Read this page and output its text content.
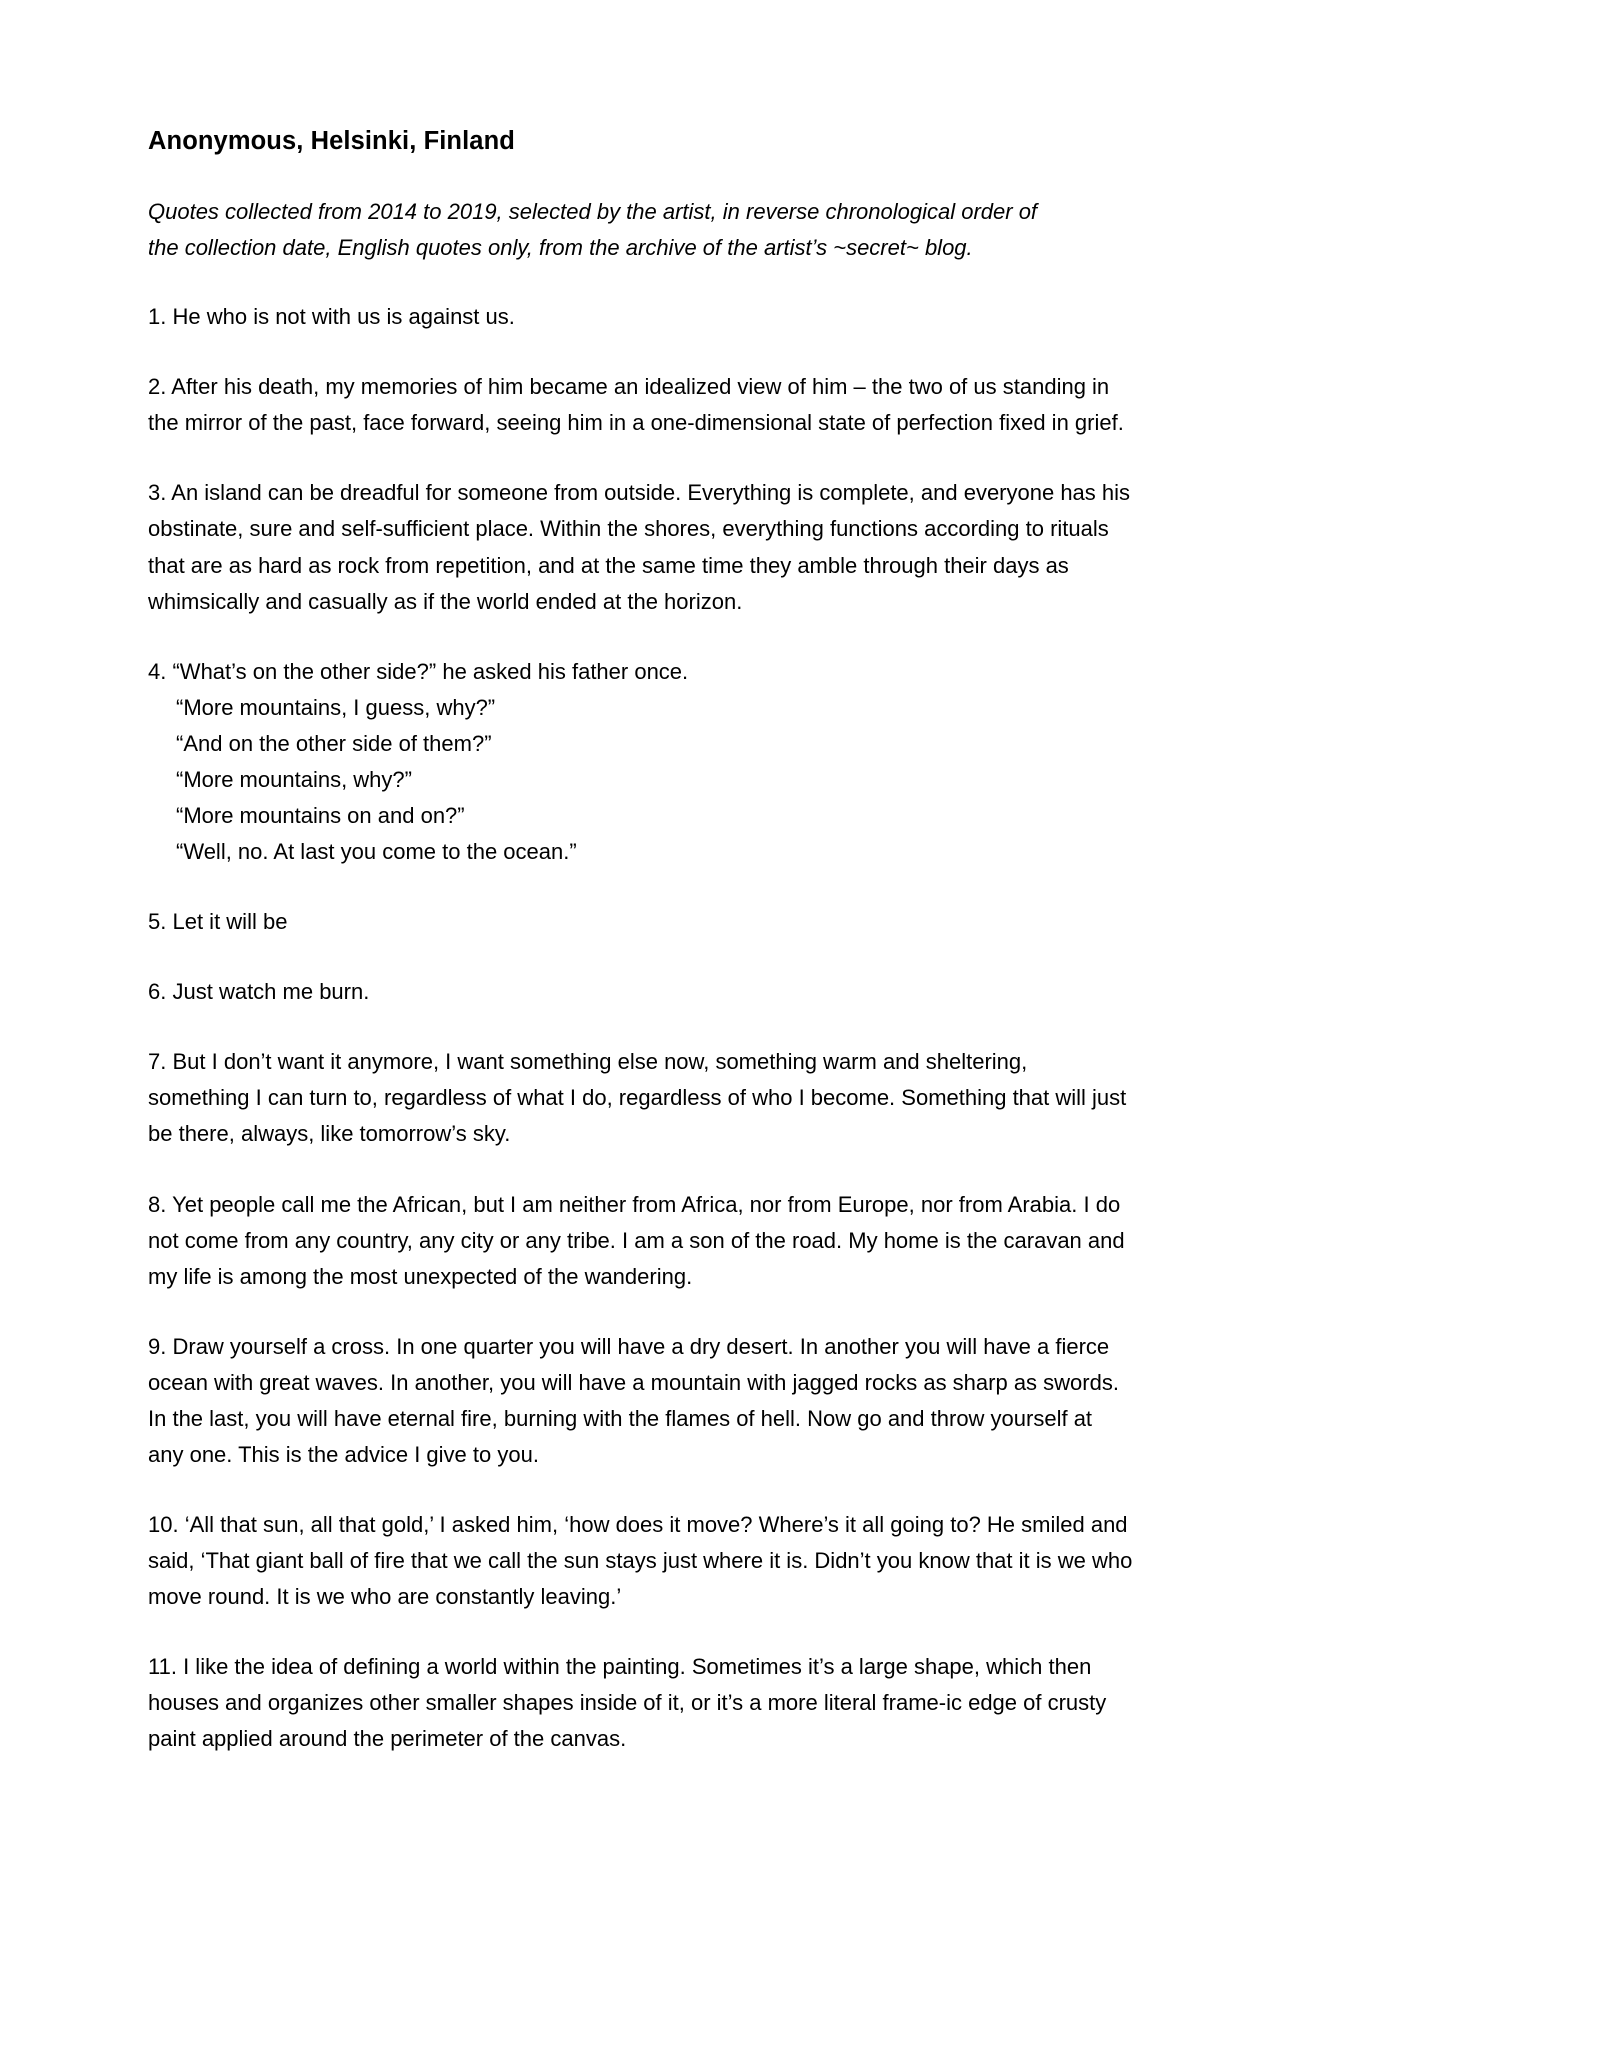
Anonymous, Helsinki, Finland

Quotes collected from 2014 to 2019, selected by the artist, in reverse chronological order of the collection date, English quotes only, from the archive of the artist’s ~secret~ blog.

1. He who is not with us is against us.
2. After his death, my memories of him became an idealized view of him – the two of us standing in the mirror of the past, face forward, seeing him in a one-dimensional state of perfection fixed in grief.
3. An island can be dreadful for someone from outside. Everything is complete, and everyone has his obstinate, sure and self-sufficient place. Within the shores, everything functions according to rituals that are as hard as rock from repetition, and at the same time they amble through their days as whimsically and casually as if the world ended at the horizon.
4. “What’s on the other side?” he asked his father once.
“More mountains, I guess, why?”
“And on the other side of them?”
“More mountains, why?”
“More mountains on and on?”
“Well, no. At last you come to the ocean.”
5. Let it will be
6. Just watch me burn.
7. But I don’t want it anymore, I want something else now, something warm and sheltering, something I can turn to, regardless of what I do, regardless of who I become. Something that will just be there, always, like tomorrow’s sky.
8. Yet people call me the African, but I am neither from Africa, nor from Europe, nor from Arabia. I do not come from any country, any city or any tribe. I am a son of the road. My home is the caravan and my life is among the most unexpected of the wandering.
9. Draw yourself a cross. In one quarter you will have a dry desert. In another you will have a fierce ocean with great waves. In another, you will have a mountain with jagged rocks as sharp as swords. In the last, you will have eternal fire, burning with the flames of hell. Now go and throw yourself at any one. This is the advice I give to you.
10. ‘All that sun, all that gold,’ I asked him, ‘how does it move? Where’s it all going to? He smiled and said, ‘That giant ball of fire that we call the sun stays just where it is. Didn’t you know that it is we who move round. It is we who are constantly leaving.’
11. I like the idea of defining a world within the painting. Sometimes it’s a large shape, which then houses and organizes other smaller shapes inside of it, or it’s a more literal frame-ic edge of crusty paint applied around the perimeter of the canvas.
